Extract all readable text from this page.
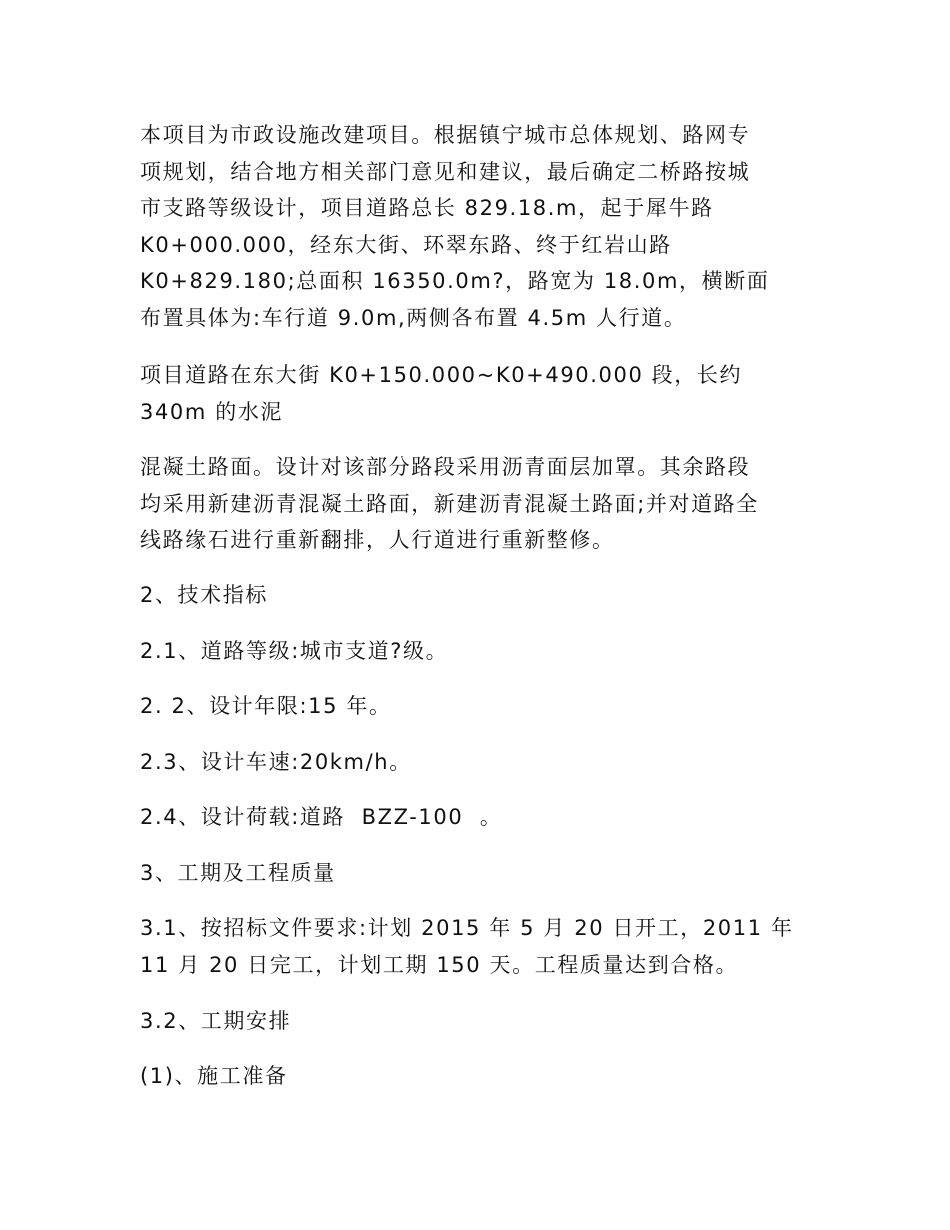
本项目为市政设施改建项目。根据镇宁城市总体规划、路网专
项规划，结合地方相关部门意见和建议，最后确定二桥路按城
市支路等级设计，项目道路总长 829.18.m，起于犀牛路
K0+000.000，经东大街、环翠东路、终于红岩山路
K0+829.180;总面积 16350.0m?，路宽为 18.0m，横断面
布置具体为:车行道 9.0m,两侧各布置 4.5m 人行道。
项目道路在东大街 K0+150.000~K0+490.000 段，长约
340m 的水泥
混凝土路面。设计对该部分路段采用沥青面层加罩。其余路段
均采用新建沥青混凝土路面，新建沥青混凝土路面;并对道路全
线路缘石进行重新翻排，人行道进行重新整修。
2、技术指标
2.1、道路等级:城市支道?级。
2. 2、设计年限:15 年。
2.3、设计车速:20km/h。
2.4、设计荷载:道路  BZZ-100  。
3、工期及工程质量
3.1、按招标文件要求:计划 2015 年 5 月 20 日开工，2011 年
11 月 20 日完工，计划工期 150 天。工程质量达到合格。
3.2、工期安排
(1)、施工准备
